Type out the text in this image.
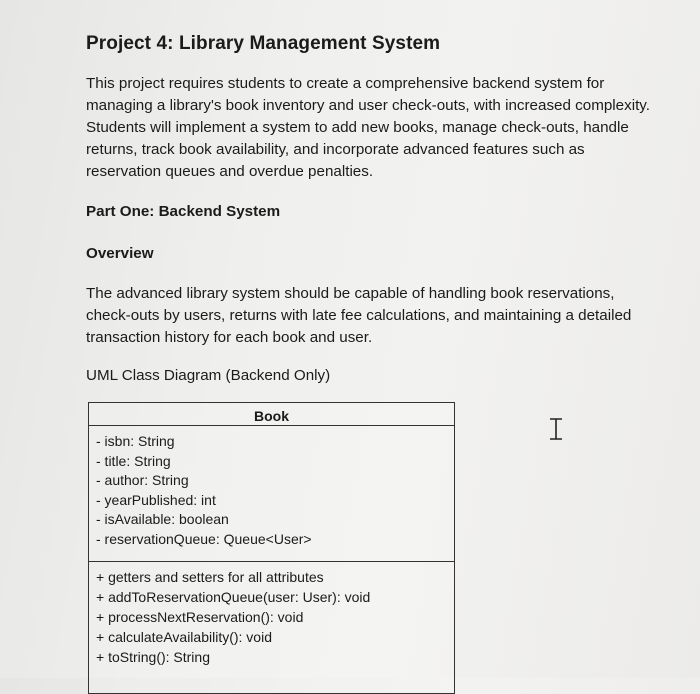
Project 4: Library Management System

This project requires students to create a comprehensive backend system for
managing a library's book inventory and user check-outs, with increased complexity.
Students will implement a system to add new books, manage check-outs, handle
returns, track book availability, and incorporate advanced features such as
reservation queues and overdue penalties.

Part One: Backend System
Overview

The advanced library system should be capable of handling book reservations,
check-outs by users, returns with late fee calculations, and maintaining a detailed
transaction history for each book and user.

UML Class Diagram (Backend Only)
Book
- isbn: String
- title: String
- author: String
- yearPublished: int
- isAvailable: boolean
- reservationQueue: Queue<User>
+ getters and setters for all attributes
+ addToReservationQueue(user: User): void
+ processNextReservation(): void
+ calculateAvailability(): void
+ toString(): String
